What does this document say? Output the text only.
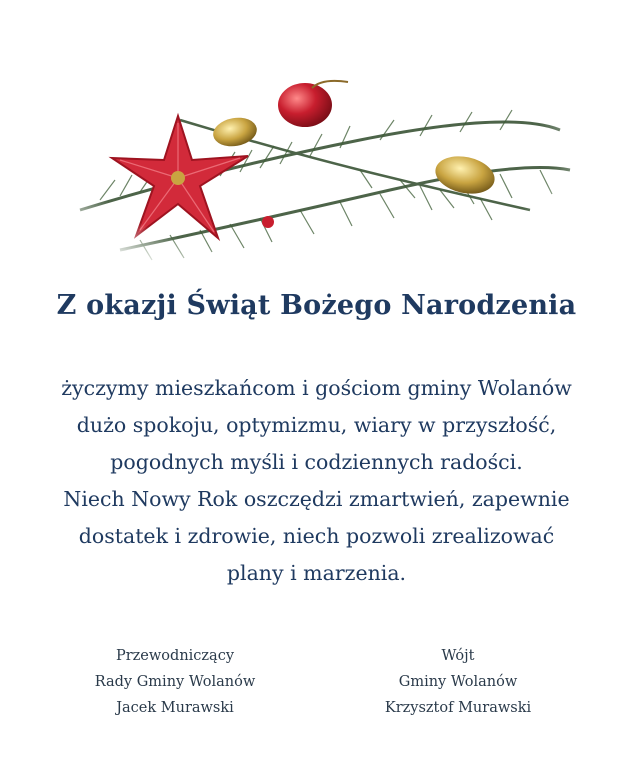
Z okazji Świąt Bożego Narodzenia
życzymy mieszkańcom i gościom gminy Wolanów
dużo spokoju, optymizmu, wiary w przyszłość,
pogodnych myśli i codziennych radości.
Niech Nowy Rok oszczędzi zmartwień, zapewnie
dostatek i zdrowie, niech pozwoli zrealizować
plany i marzenia.
Przewodniczący
Rady Gminy Wolanów
Jacek Murawski
Wójt
Gminy Wolanów
Krzysztof Murawski
